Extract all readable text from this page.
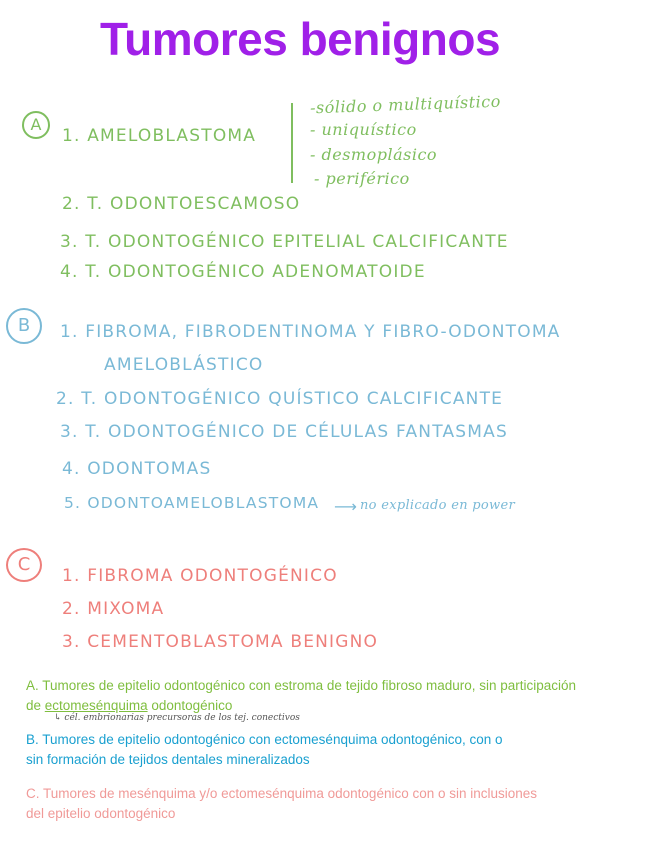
Tumores benignos
A
1. AMELOBLASTOMA
-sólido o multiquístico
- uniquístico
- desmoplásico
- periférico
2. T. ODONTOESCAMOSO
3. T. ODONTOGÉNICO EPITELIAL CALCIFICANTE
4. T. ODONTOGÉNICO ADENOMATOIDE
B	1. FIBROMA, FIBRODENTINOMA Y FIBRO-ODONTOMA
AMELOBLÁSTICO
2. T. ODONTOGÉNICO QUÍSTICO CALCIFICANTE
3. T. ODONTOGÉNICO DE CÉLULAS FANTASMAS
4. ODONTOMAS
5. ODONTOAMELOBLASTOMA ⟶ no explicado en power
C
1. FIBROMA ODONTOGÉNICO
2. MIXOMA
3. CEMENTOBLASTOMA BENIGNO
A. Tumores de epitelio odontogénico con estroma de tejido fibroso maduro, sin participación
de ectomesénquima odontogénico
↳ cél. embrionarias precursoras de los tej. conectivos
B. Tumores de epitelio odontogénico con ectomesénquima odontogénico, con o
sin formación de tejidos dentales mineralizados
C. Tumores de mesénquima y/o ectomesénquima odontogénico con o sin inclusiones
del epitelio odontogénico
